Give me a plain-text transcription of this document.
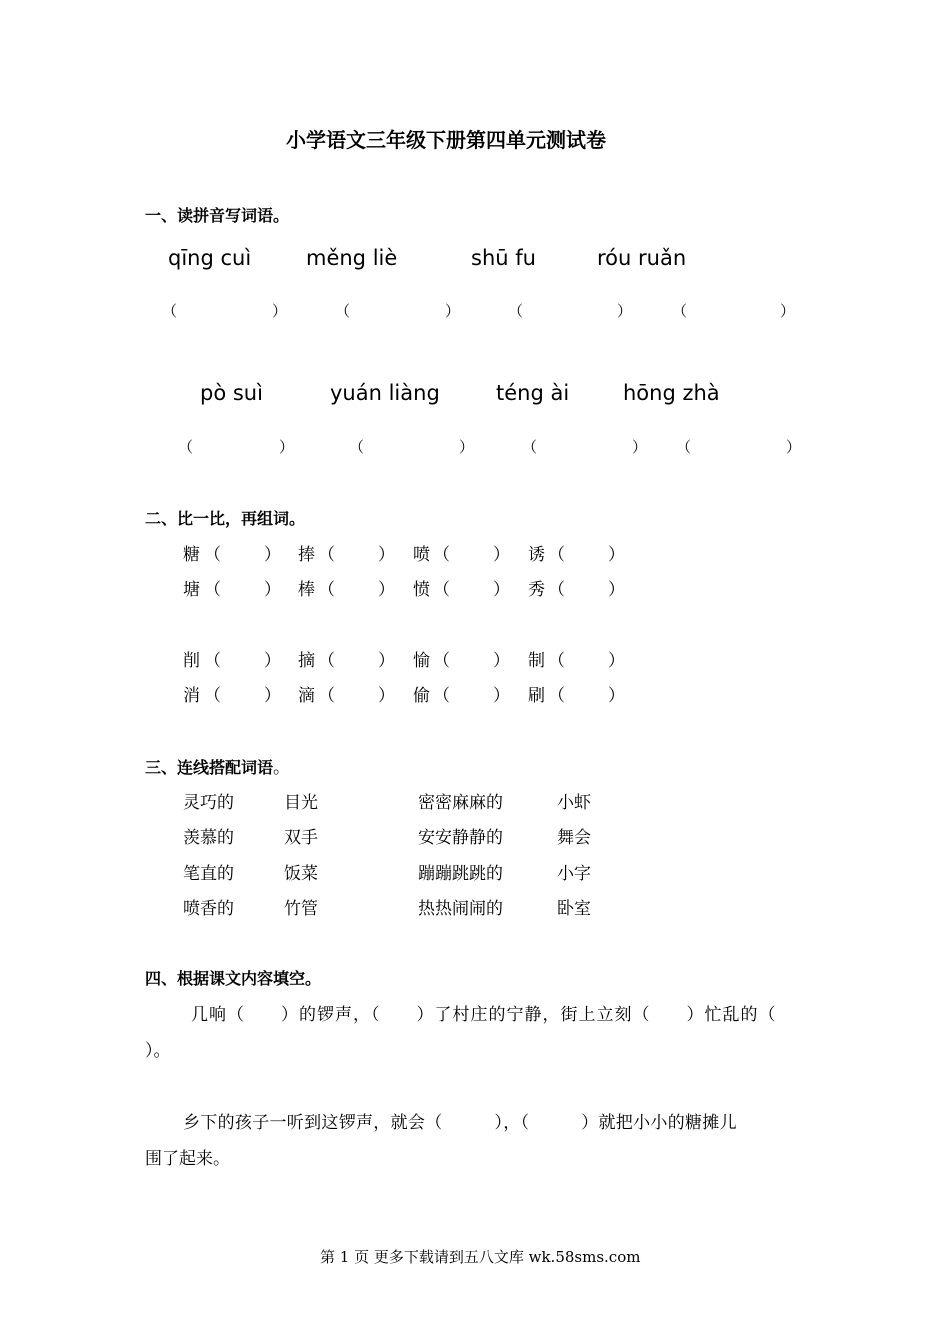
小学语文三年级下册第四单元测试卷
一、读拼音写词语。
qīng cuì	měng liè	shū fu	róu ruǎn
（	）	（	）	（	）	（	）
pò suì	yuán liàng	téng ài	hōng zhà
（	）	（	）	（	） （	）
二、比一比，再组词。
糖 （	） 捧 （	） 喷 （	） 诱 （	）
塘 （	） 棒 （	） 愤 （	） 秀 （	）
削 （	） 摘 （	） 愉 （	） 制 （	）
消 （	） 滴 （	） 偷 （	） 刷 （	）
三、连线搭配词语。
灵巧的	目光	密密麻麻的	小虾
羡慕的	双手	安安静静的	舞会
笔直的	饭菜	蹦蹦跳跳的	小字
喷香的	竹管	热热闹闹的	卧室
四、根据课文内容填空。
几响（　　）的锣声，（　　）了村庄的宁静，街上立刻（　　）忙乱的（
）。
乡下的孩子一听到这锣声，就会（　　　），（　　　）就把小小的糖摊儿
围了起来。
第 1 页 更多下载请到五八文库 wk.58sms.com
